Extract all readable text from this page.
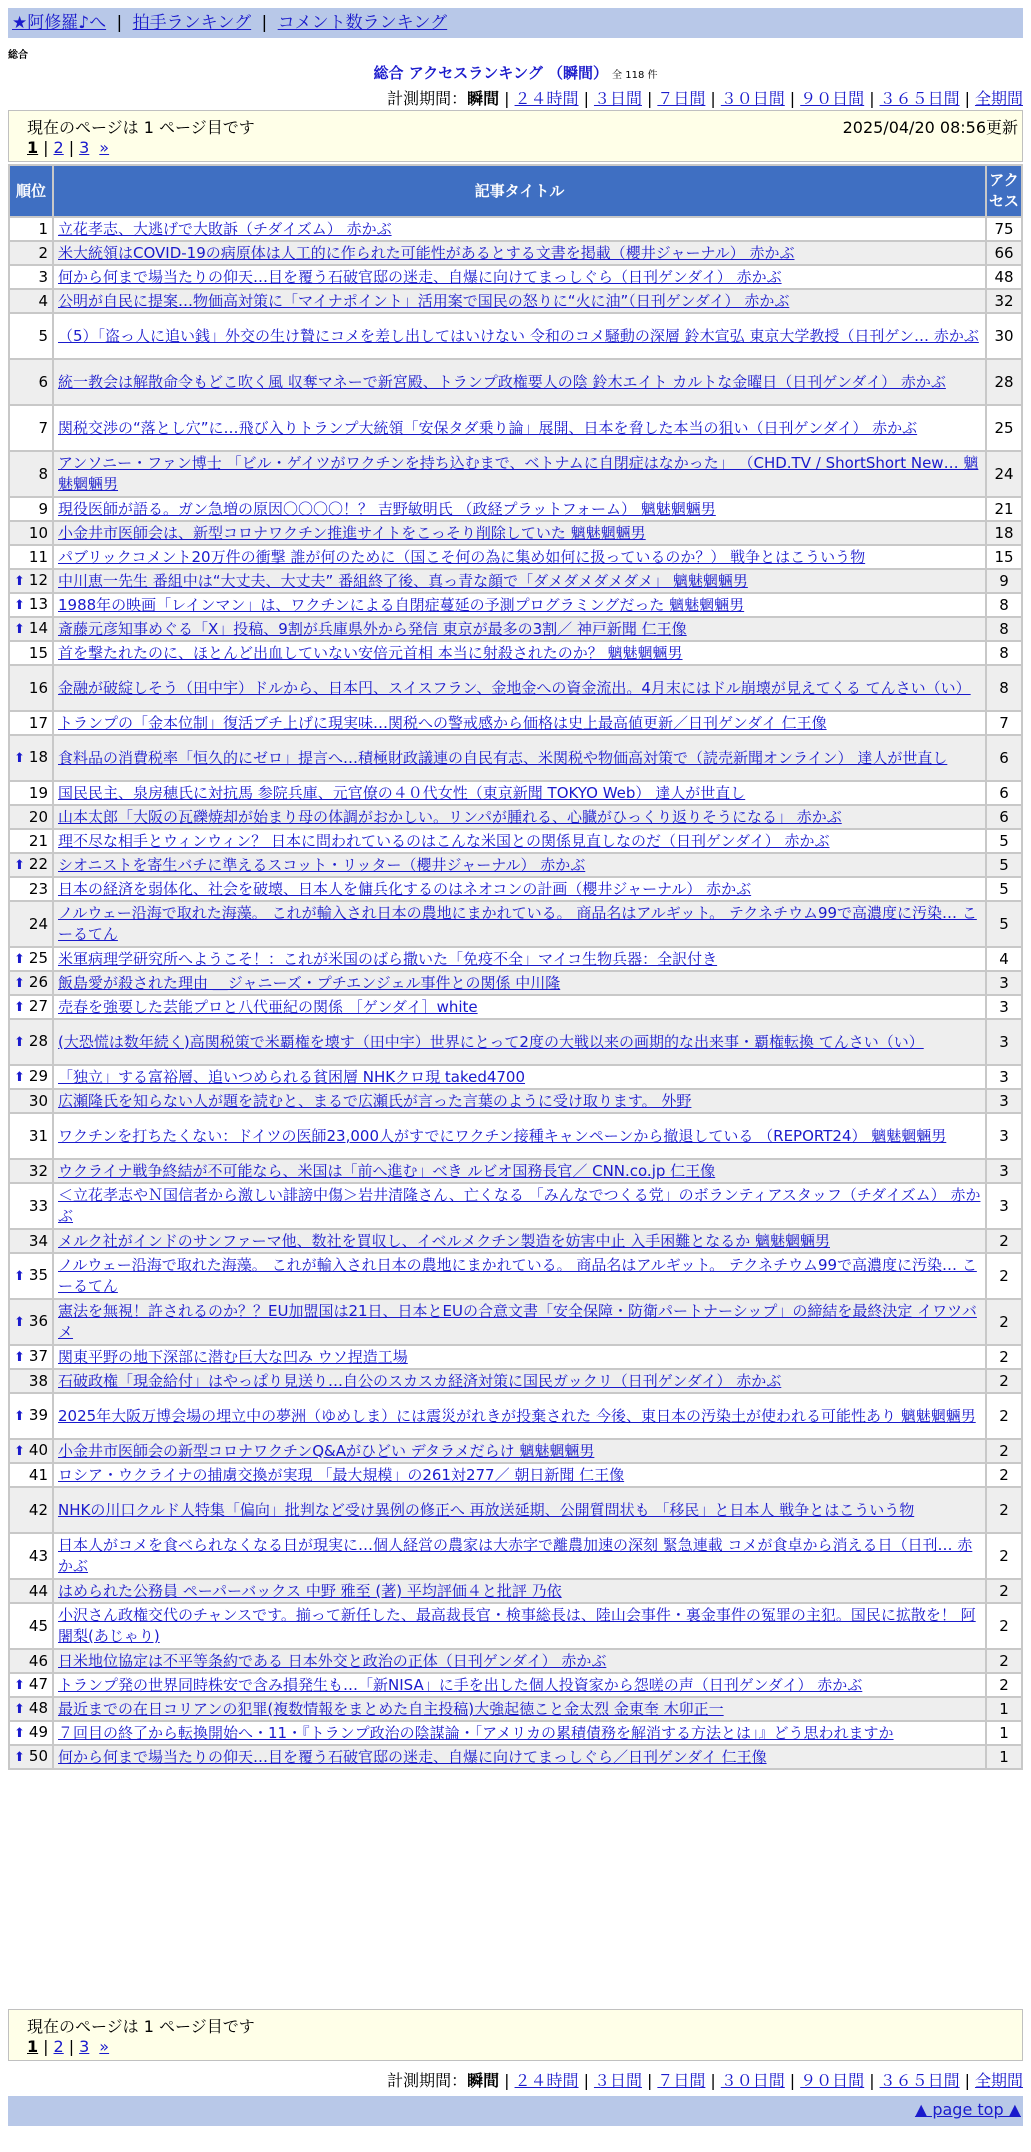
★阿修羅♪へ | 拍手ランキング | コメント数ランキング
総合
総合 アクセスランキング （瞬間） 全 118 件
計測期間：瞬間 | ２４時間 | ３日間 | ７日間 | ３０日間 | ９０日間 | ３６５日間 | 全期間
現在のページは 1 ページ目です
1 | 2 | 3 »
2025/04/20 08:56更新
順位	記事タイトル	アクセス
1	立花孝志、大逃げで大敗訴（チダイズム） 赤かぶ	75
2	米大統領はCOVID-19の病原体は人工的に作られた可能性があるとする文書を掲載（櫻井ジャーナル） 赤かぶ	66
3	何から何まで場当たりの仰天…目を覆う石破官邸の迷走、自爆に向けてまっしぐら（日刊ゲンダイ） 赤かぶ	48
4	公明が自民に提案…物価高対策に「マイナポイント」活用案で国民の怒りに“火に油”（日刊ゲンダイ） 赤かぶ	32
5	（5）「盗っ人に追い銭」外交の生け贄にコメを差し出してはいけない 令和のコメ騒動の深層 鈴木宣弘 東京大学教授（日刊ゲン… 赤かぶ	30
6	統一教会は解散命令もどこ吹く風 収奪マネーで新宮殿、トランプ政権要人の陰 鈴木エイト カルトな金曜日（日刊ゲンダイ） 赤かぶ	28
7	関税交渉の“落とし穴”に…飛び入りトランプ大統領「安保タダ乗り論」展開、日本を脅した本当の狙い（日刊ゲンダイ） 赤かぶ	25
8	アンソニー・ファン博士 「ビル・ゲイツがワクチンを持ち込むまで、ベトナムに自閉症はなかった」 （CHD.TV / ShortShort New… 魑魅魍魎男	24
9	現役医師が語る。ガン急増の原因〇〇〇〇！？ 吉野敏明氏 （政経プラットフォーム） 魑魅魍魎男	21
10	小金井市医師会は、新型コロナワクチン推進サイトをこっそり削除していた 魑魅魍魎男	18
11	パブリックコメント20万件の衝撃 誰が何のために（国こそ何の為に集め如何に扱っているのか？） 戦争とはこういう物	15
⬆ 12	中川恵一先生 番組中は“大丈夫、大丈夫” 番組終了後、真っ青な顔で「ダメダメダメダメ」 魑魅魍魎男	9
⬆ 13	1988年の映画「レインマン」は、ワクチンによる自閉症蔓延の予測プログラミングだった 魑魅魍魎男	8
⬆ 14	斎藤元彦知事めぐる「X」投稿、9割が兵庫県外から発信 東京が最多の3割／ 神戸新聞 仁王像	8
15	首を撃たれたのに、ほとんど出血していない安倍元首相 本当に射殺されたのか？ 魑魅魍魎男	8
16	金融が破綻しそう（田中宇）ドルから、日本円、スイスフラン、金地金への資金流出。4月末にはドル崩壊が見えてくる てんさい（い）	8
17	トランプの「金本位制」復活ブチ上げに現実味…関税への警戒感から価格は史上最高値更新／日刊ゲンダイ 仁王像	7
⬆ 18	食料品の消費税率「恒久的にゼロ」提言へ…積極財政議連の自民有志、米関税や物価高対策で（読売新聞オンライン） 達人が世直し	6
19	国民民主、泉房穂氏に対抗馬 参院兵庫、元官僚の４０代女性（東京新聞 TOKYO Web） 達人が世直し	6
20	山本太郎「大阪の瓦礫焼却が始まり母の体調がおかしい。リンパが腫れる、心臓がひっくり返りそうになる」 赤かぶ	6
21	理不尽な相手とウィンウィン？ 日本に問われているのはこんな米国との関係見直しなのだ（日刊ゲンダイ） 赤かぶ	5
⬆ 22	シオニストを寄生バチに準えるスコット・リッター（櫻井ジャーナル） 赤かぶ	5
23	日本の経済を弱体化、社会を破壊、日本人を傭兵化するのはネオコンの計画（櫻井ジャーナル） 赤かぶ	5
24	ノルウェー沿海で取れた海藻。 これが輸入され日本の農地にまかれている。 商品名はアルギット。 テクネチウム99で高濃度に汚染… こーるてん	5
⬆ 25	米軍病理学研究所へようこそ！：これが米国のばら撒いた「免疫不全」マイコ生物兵器：全訳付き	4
⬆ 26	飯島愛が殺された理由 ＿ジャニーズ・プチエンジェル事件との関係 中川隆	3
⬆ 27	売春を強要した芸能プロと八代亜紀の関係 ［ゲンダイ］white	3
⬆ 28	(大恐慌は数年続く)高関税策で米覇権を壊す（田中宇）世界にとって2度の大戦以来の画期的な出来事・覇権転換 てんさい（い）	3
⬆ 29	「独立」する富裕層、追いつめられる貧困層 NHKクロ現 taked4700	3
30	広瀬隆氏を知らない人が題を読むと、まるで広瀬氏が言った言葉のように受け取ります。 外野	3
31	ワクチンを打ちたくない：ドイツの医師23,000人がすでにワクチン接種キャンペーンから撤退している （REPORT24） 魑魅魍魎男	3
32	ウクライナ戦争終結が不可能なら、米国は「前へ進む」べき ルビオ国務長官／ CNN.co.jp 仁王像	3
33	＜立花孝志やＮ国信者から激しい誹謗中傷＞岩井清隆さん、亡くなる 「みんなでつくる党」のボランティアスタッフ（チダイズム） 赤かぶ	3
34	メルク社がインドのサンファーマ他、数社を買収し、イベルメクチン製造を妨害中止 入手困難となるか 魑魅魍魎男	2
⬆ 35	ノルウェー沿海で取れた海藻。 これが輸入され日本の農地にまかれている。 商品名はアルギット。 テクネチウム99で高濃度に汚染… こーるてん	2
⬆ 36	憲法を無視！許されるのか？？EU加盟国は21日、日本とEUの合意文書「安全保障・防衛パートナーシップ」の締結を最終決定 イワツバメ	2
⬆ 37	関東平野の地下深部に潜む巨大な凹み ウソ捏造工場	2
38	石破政権「現金給付」はやっぱり見送り…自公のスカスカ経済対策に国民ガックリ（日刊ゲンダイ） 赤かぶ	2
⬆ 39	2025年大阪万博会場の埋立中の夢洲（ゆめしま）には震災がれきが投棄された 今後、東日本の汚染土が使われる可能性あり 魑魅魍魎男	2
⬆ 40	小金井市医師会の新型コロナワクチンQ&Aがひどい デタラメだらけ 魑魅魍魎男	2
41	ロシア・ウクライナの捕虜交換が実現 「最大規模」の261対277／ 朝日新聞 仁王像	2
42	NHKの川口クルド人特集「偏向」批判など受け異例の修正へ 再放送延期、公開質問状も 「移民」と日本人 戦争とはこういう物	2
43	日本人がコメを食べられなくなる日が現実に…個人経営の農家は大赤字で離農加速の深刻 緊急連載 コメが食卓から消える日（日刊… 赤かぶ	2
44	はめられた公務員 ペーパーバックス 中野 雅至 (著) 平均評価４と批評 乃依	2
45	小沢さん政権交代のチャンスです。揃って新任した、最高裁長官・検事総長は、陸山会事件・裏金事件の冤罪の主犯。国民に拡散を！ 阿闍梨(あじゃり)	2
46	日米地位協定は不平等条約である 日本外交と政治の正体（日刊ゲンダイ） 赤かぶ	2
⬆ 47	トランプ発の世界同時株安で含み損発生も…「新NISA」に手を出した個人投資家から怨嗟の声（日刊ゲンダイ） 赤かぶ	2
⬆ 48	最近までの在日コリアンの犯罪(複数情報をまとめた自主投稿)大強起徳こと金太烈 金東奎 木卯正一	1
⬆ 49	７回目の終了から転換開始へ・11・『トランプ政治の陰謀論・「アメリカの累積債務を解消する方法とは」』どう思われますか	1
⬆ 50	何から何まで場当たりの仰天…目を覆う石破官邸の迷走、自爆に向けてまっしぐら／日刊ゲンダイ 仁王像	1
現在のページは 1 ページ目です
1 | 2 | 3 »
計測期間：瞬間 | ２４時間 | ３日間 | ７日間 | ３０日間 | ９０日間 | ３６５日間 | 全期間
▲ page top ▲
